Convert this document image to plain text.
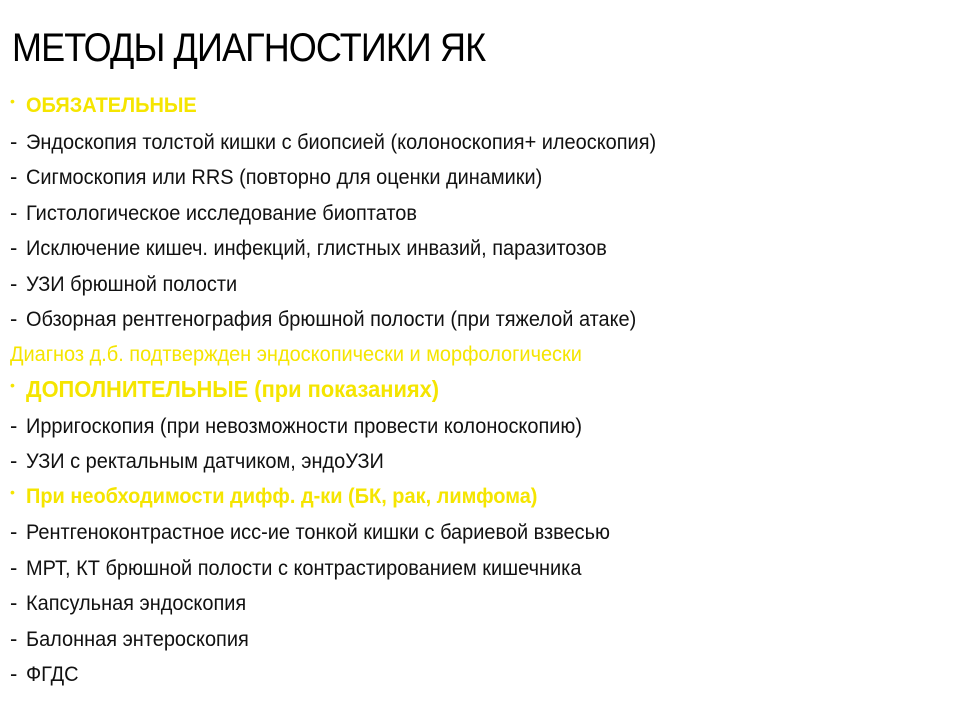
МЕТОДЫ ДИАГНОСТИКИ ЯК
• ОБЯЗАТЕЛЬНЫЕ
- Эндоскопия толстой кишки с биопсией (колоноскопия+ илеоскопия)
- Сигмоскопия или RRS (повторно для оценки динамики)
- Гистологическое исследование биоптатов
- Исключение кишеч. инфекций, глистных инвазий, паразитозов
- УЗИ брюшной полости
- Обзорная рентгенография брюшной полости (при тяжелой атаке)
Диагноз д.б. подтвержден эндоскопически и морфологически
• ДОПОЛНИТЕЛЬНЫЕ (при показаниях)
- Ирригоскопия (при невозможности провести колоноскопию)
- УЗИ с ректальным датчиком, эндоУЗИ
• При необходимости дифф. д-ки (БК, рак, лимфома)
- Рентгеноконтрастное исс-ие тонкой кишки с бариевой взвесью
- МРТ, КТ брюшной полости с контрастированием кишечника
- Капсульная эндоскопия
- Балонная энтероскопия
- ФГДС
